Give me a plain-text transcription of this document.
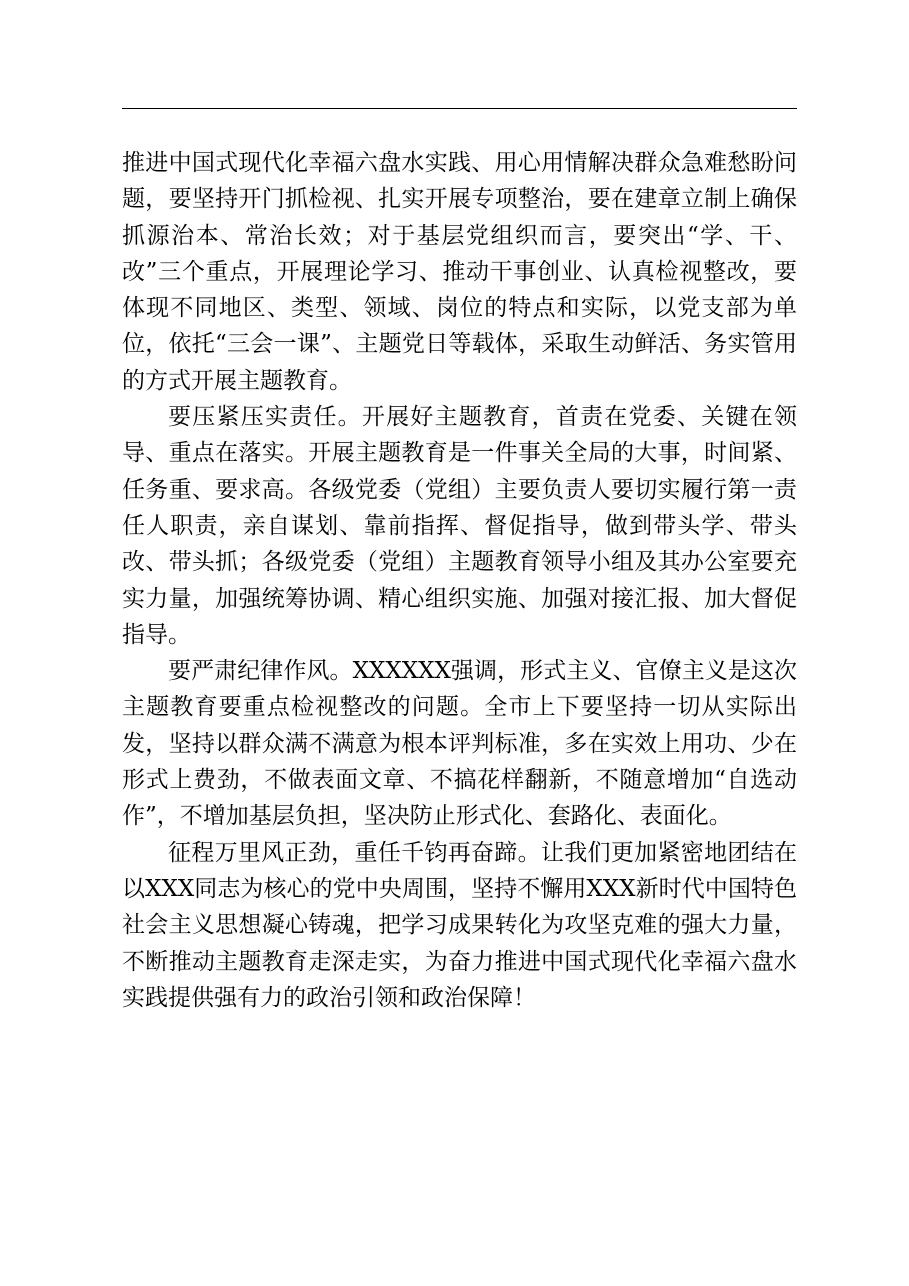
推进中国式现代化幸福六盘水实践、用心用情解决群众急难愁盼问题，要坚持开门抓检视、扎实开展专项整治，要在建章立制上确保抓源治本、常治长效；对于基层党组织而言，要突出“学、干、改”三个重点，开展理论学习、推动干事创业、认真检视整改，要体现不同地区、类型、领域、岗位的特点和实际，以党支部为单位，依托“三会一课”、主题党日等载体，采取生动鲜活、务实管用的方式开展主题教育。

要压紧压实责任。开展好主题教育，首责在党委、关键在领导、重点在落实。开展主题教育是一件事关全局的大事，时间紧、任务重、要求高。各级党委（党组）主要负责人要切实履行第一责任人职责，亲自谋划、靠前指挥、督促指导，做到带头学、带头改、带头抓；各级党委（党组）主题教育领导小组及其办公室要充实力量，加强统筹协调、精心组织实施、加强对接汇报、加大督促指导。

要严肃纪律作风。XXXXXX强调，形式主义、官僚主义是这次主题教育要重点检视整改的问题。全市上下要坚持一切从实际出发，坚持以群众满不满意为根本评判标准，多在实效上用功、少在形式上费劲，不做表面文章、不搞花样翻新，不随意增加“自选动作”，不增加基层负担，坚决防止形式化、套路化、表面化。

征程万里风正劲，重任千钧再奋蹄。让我们更加紧密地团结在以XXX同志为核心的党中央周围，坚持不懈用XXX新时代中国特色社会主义思想凝心铸魂，把学习成果转化为攻坚克难的强大力量，不断推动主题教育走深走实，为奋力推进中国式现代化幸福六盘水实践提供强有力的政治引领和政治保障！
